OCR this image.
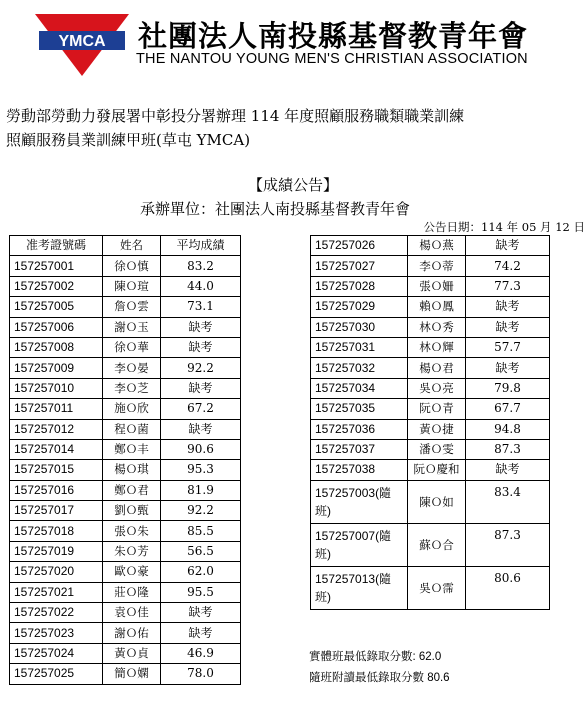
YMCA 社團法人南投縣基督教青年會
THE NANTOU YOUNG MEN'S CHRISTIAN ASSOCIATION
勞動部勞動力發展署中彰投分署辦理 114 年度照顧服務職類職業訓練
照顧服務員業訓練甲班(草屯 YMCA)
【成績公告】
承辦單位：社團法人南投縣基督教青年會
公告日期：114 年 05 月 12 日
准考證號碼	姓名	平均成績
157257001	徐Ｏ慎	83.2
157257002	陳Ｏ瑄	44.0
157257005	詹Ｏ雲	73.1
157257006	謝Ｏ玉	缺考
157257008	徐Ｏ華	缺考
157257009	李Ｏ晏	92.2
157257010	李Ｏ芝	缺考
157257011	施Ｏ欣	67.2
157257012	程Ｏ菌	缺考
157257014	鄭Ｏ丰	90.6
157257015	楊Ｏ琪	95.3
157257016	鄭Ｏ君	81.9
157257017	劉Ｏ甄	92.2
157257018	張Ｏ朱	85.5
157257019	朱Ｏ芳	56.5
157257020	歐Ｏ豪	62.0
157257021	莊Ｏ隆	95.5
157257022	袁Ｏ佳	缺考
157257023	謝Ｏ佑	缺考
157257024	黃Ｏ貞	46.9
157257025	簡Ｏ嫻	78.0
157257026	楊Ｏ燕	缺考
157257027	李Ｏ蒂	74.2
157257028	張Ｏ姍	77.3
157257029	賴Ｏ鳳	缺考
157257030	林Ｏ秀	缺考
157257031	林Ｏ輝	57.7
157257032	楊Ｏ君	缺考
157257034	吳Ｏ亮	79.8
157257035	阮Ｏ青	67.7
157257036	黃Ｏ捷	94.8
157257037	潘Ｏ雯	87.3
157257038	阮Ｏ慶和	缺考
157257003(隨班)	陳Ｏ如	83.4
157257007(隨班)	蘇Ｏ合	87.3
157257013(隨班)	吳Ｏ霈	80.6
實體班最低錄取分數: 62.0
隨班附讀最低錄取分數 80.6
